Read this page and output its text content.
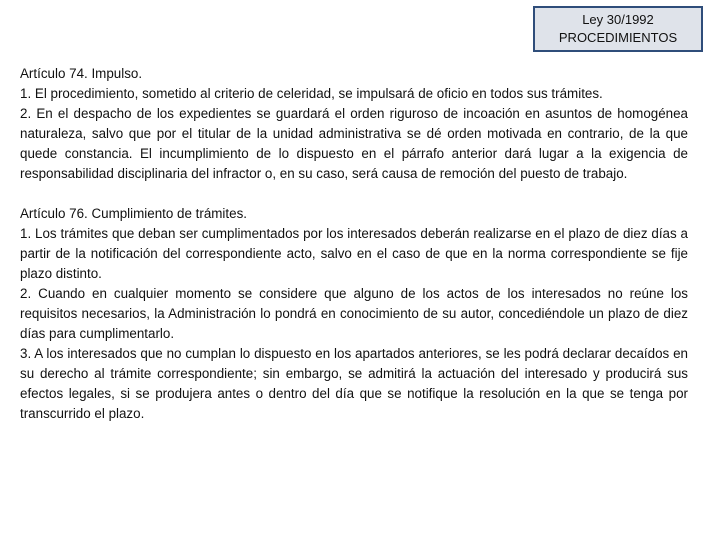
Ley 30/1992
PROCEDIMIENTOS

Artículo 74. Impulso.

1. El procedimiento, sometido al criterio de celeridad, se impulsará de oficio en todos sus trámites.

2. En el despacho de los expedientes se guardará el orden riguroso de incoación en asuntos de homogénea naturaleza, salvo que por el titular de la unidad administrativa se dé orden motivada en contrario, de la que quede constancia. El incumplimiento de lo dispuesto en el párrafo anterior dará lugar a la exigencia de responsabilidad disciplinaria del infractor o, en su caso, será causa de remoción del puesto de trabajo.

Artículo 76. Cumplimiento de trámites.

1. Los trámites que deban ser cumplimentados por los interesados deberán realizarse en el plazo de diez días a partir de la notificación del correspondiente acto, salvo en el caso de que en la norma correspondiente se fije plazo distinto.

2. Cuando en cualquier momento se considere que alguno de los actos de los interesados no reúne los requisitos necesarios, la Administración lo pondrá en conocimiento de su autor, concediéndole un plazo de diez días para cumplimentarlo.

3. A los interesados que no cumplan lo dispuesto en los apartados anteriores, se les podrá declarar decaídos en su derecho al trámite correspondiente; sin embargo, se admitirá la actuación del interesado y producirá sus efectos legales, si se produjera antes o dentro del día que se notifique la resolución en la que se tenga por transcurrido el plazo.
